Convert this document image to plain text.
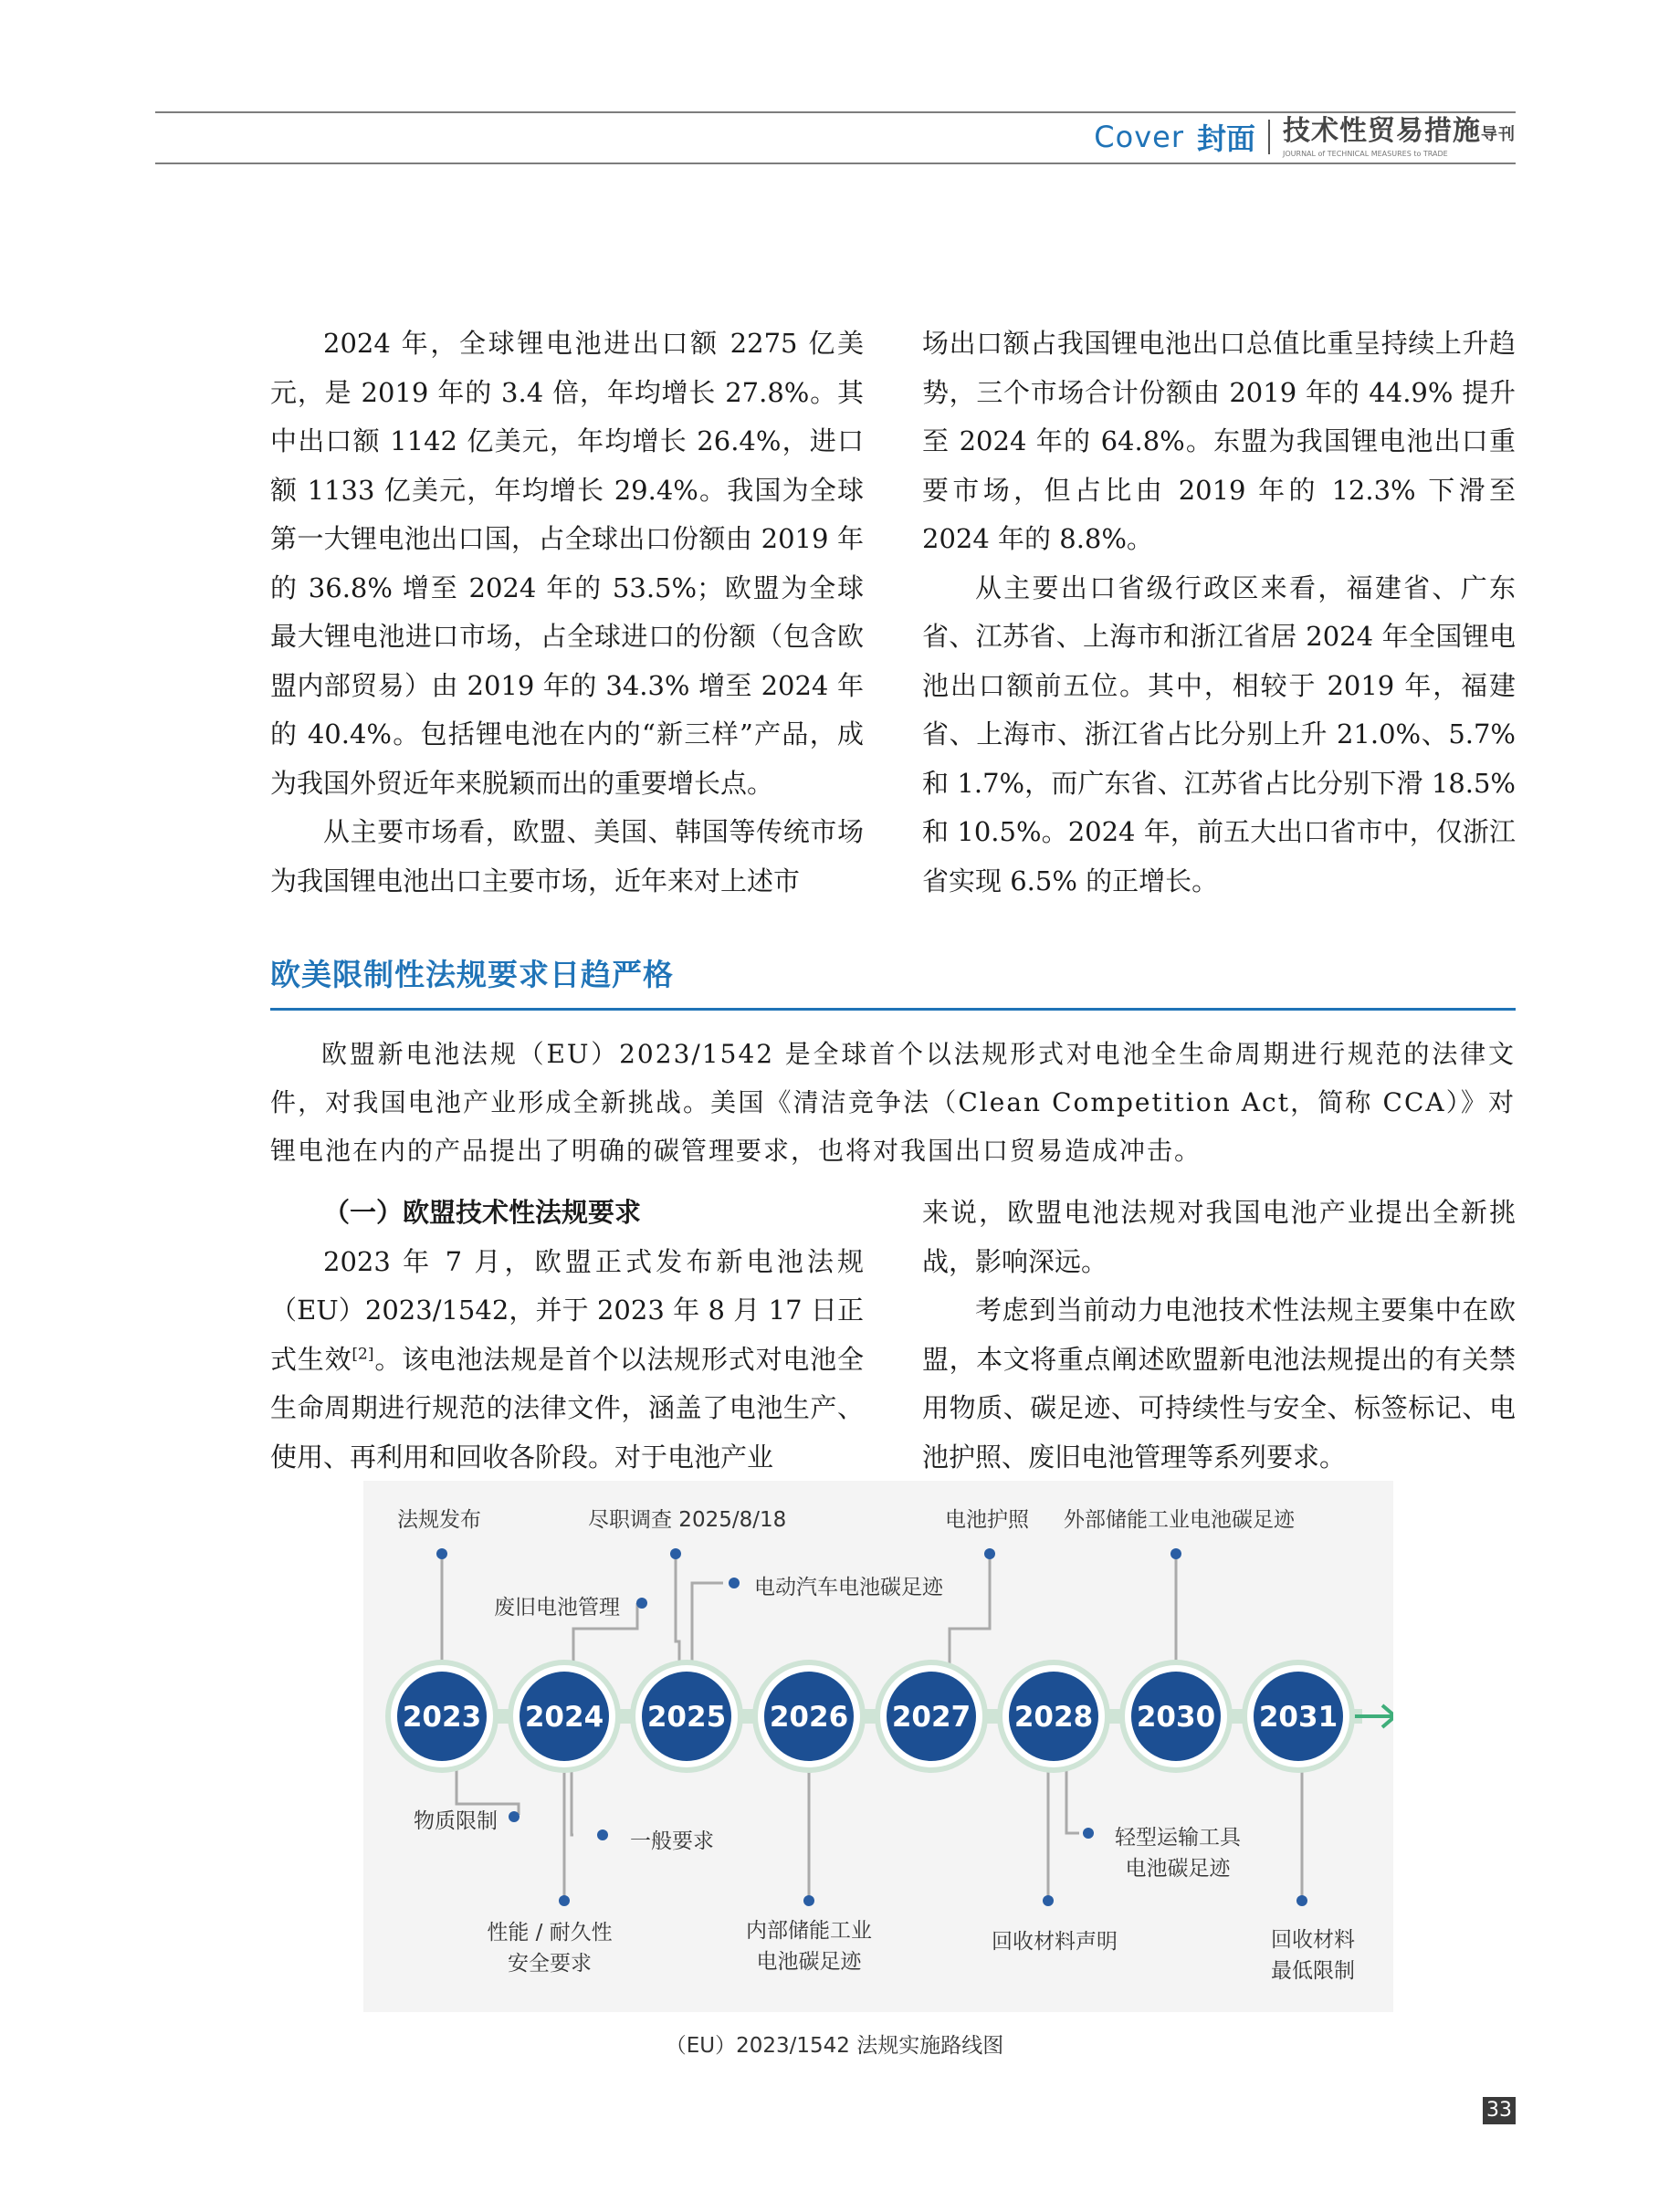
Cover 封面 技术性贸易措施导刊
JOURNAL of TECHNICAL MEASURES to TRADE

2024 年，全球锂电池进出口额 2275 亿美元，是 2019 年的 3.4 倍，年均增长 27.8%。其中出口额 1142 亿美元，年均增长 26.4%，进口额 1133 亿美元，年均增长 29.4%。我国为全球第一大锂电池出口国，占全球出口份额由 2019 年的 36.8% 增至 2024 年的 53.5%；欧盟为全球最大锂电池进口市场，占全球进口的份额（包含欧盟内部贸易）由 2019 年的 34.3% 增至 2024 年的 40.4%。包括锂电池在内的“新三样”产品，成为我国外贸近年来脱颖而出的重要增长点。

从主要市场看，欧盟、美国、韩国等传统市场为我国锂电池出口主要市场，近年来对上述市

场出口额占我国锂电池出口总值比重呈持续上升趋势，三个市场合计份额由 2019 年的 44.9% 提升至 2024 年的 64.8%。东盟为我国锂电池出口重要市场，但占比由 2019 年的 12.3% 下滑至 2024 年的 8.8%。

从主要出口省级行政区来看，福建省、广东省、江苏省、上海市和浙江省居 2024 年全国锂电池出口额前五位。其中，相较于 2019 年，福建省、上海市、浙江省占比分别上升 21.0%、5.7% 和 1.7%，而广东省、江苏省占比分别下滑 18.5% 和 10.5%。2024 年，前五大出口省市中，仅浙江省实现 6.5% 的正增长。

欧美限制性法规要求日趋严格

欧盟新电池法规（EU）2023/1542 是全球首个以法规形式对电池全生命周期进行规范的法律文件，对我国电池产业形成全新挑战。美国《清洁竞争法（Clean Competition Act，简称 CCA）》对锂电池在内的产品提出了明确的碳管理要求，也将对我国出口贸易造成冲击。

（一）欧盟技术性法规要求

2023 年 7 月，欧盟正式发布新电池法规（EU）2023/1542，并于 2023 年 8 月 17 日正式生效[2]。该电池法规是首个以法规形式对电池全生命周期进行规范的法律文件，涵盖了电池生产、使用、再利用和回收各阶段。对于电池产业

来说，欧盟电池法规对我国电池产业提出全新挑战，影响深远。

考虑到当前动力电池技术性法规主要集中在欧盟，本文将重点阐述欧盟新电池法规提出的有关禁用物质、碳足迹、可持续性与安全、标签标记、电池护照、废旧电池管理等系列要求。

2023 2024 2025 2026 2027 2028 2030 2031
法规发布	尽职调查 2025/8/18	电池护照 外部储能工业电池碳足迹
废旧电池管理
电动汽车电池碳足迹
物质限制
一般要求
性能 / 耐久性
安全要求
内部储能工业
电池碳足迹
回收材料声明
轻型运输工具
电池碳足迹
回收材料
最低限制
（EU）2023/1542 法规实施路线图
33
